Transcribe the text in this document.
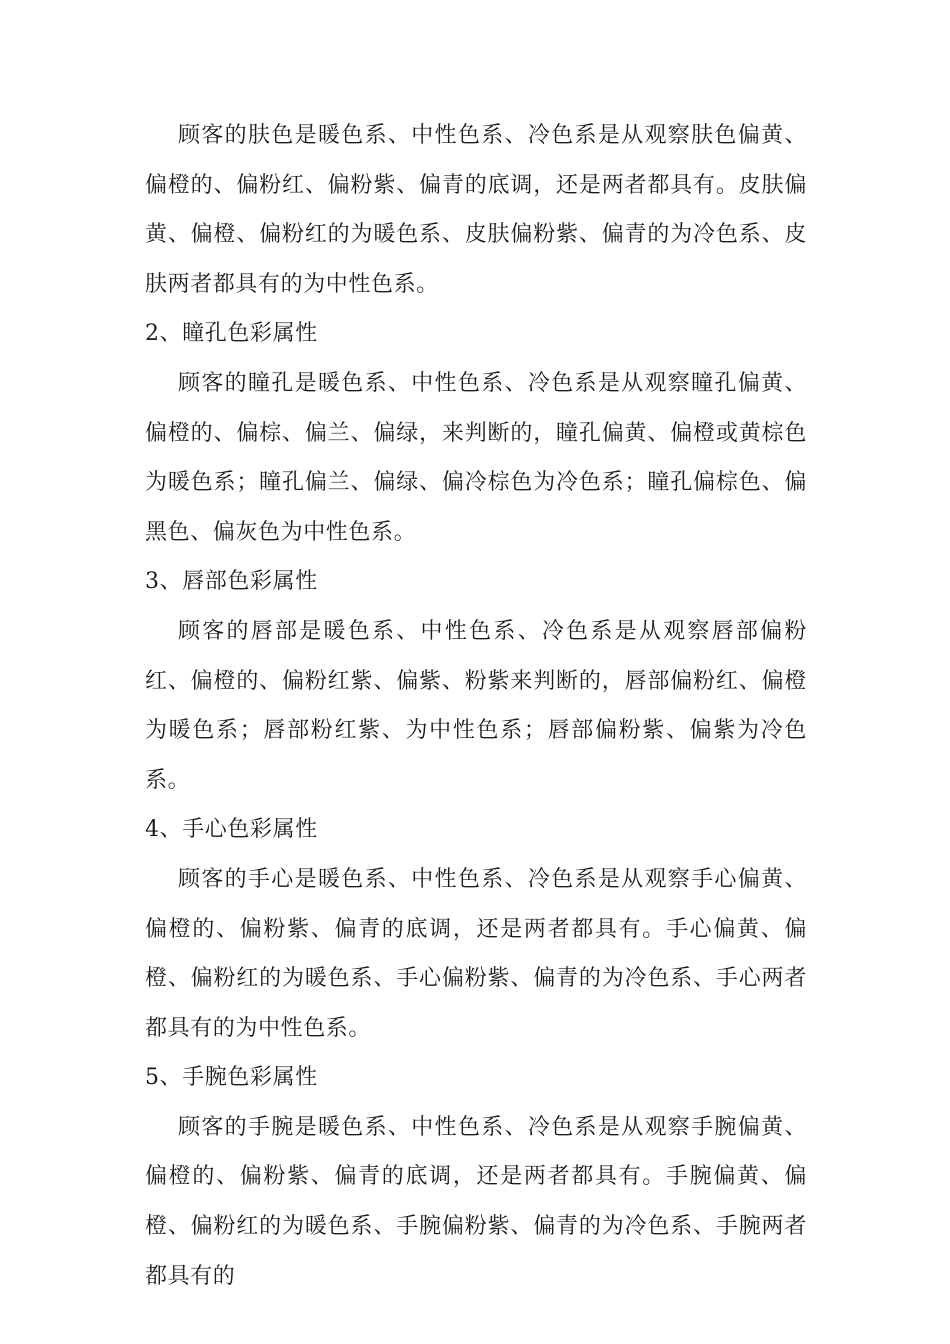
顾客的肤色是暖色系、中性色系、冷色系是从观察肤色偏黄、偏橙的、偏粉红、偏粉紫、偏青的底调，还是两者都具有。皮肤偏黄、偏橙、偏粉红的为暖色系、皮肤偏粉紫、偏青的为冷色系、皮肤两者都具有的为中性色系。

2、瞳孔色彩属性

顾客的瞳孔是暖色系、中性色系、冷色系是从观察瞳孔偏黄、偏橙的、偏棕、偏兰、偏绿，来判断的，瞳孔偏黄、偏橙或黄棕色为暖色系；瞳孔偏兰、偏绿、偏冷棕色为冷色系；瞳孔偏棕色、偏黑色、偏灰色为中性色系。

3、唇部色彩属性

顾客的唇部是暖色系、中性色系、冷色系是从观察唇部偏粉红、偏橙的、偏粉红紫、偏紫、粉紫来判断的，唇部偏粉红、偏橙为暖色系；唇部粉红紫、为中性色系；唇部偏粉紫、偏紫为冷色系。

4、手心色彩属性

顾客的手心是暖色系、中性色系、冷色系是从观察手心偏黄、偏橙的、偏粉紫、偏青的底调，还是两者都具有。手心偏黄、偏橙、偏粉红的为暖色系、手心偏粉紫、偏青的为冷色系、手心两者都具有的为中性色系。

5、手腕色彩属性

顾客的手腕是暖色系、中性色系、冷色系是从观察手腕偏黄、偏橙的、偏粉紫、偏青的底调，还是两者都具有。手腕偏黄、偏橙、偏粉红的为暖色系、手腕偏粉紫、偏青的为冷色系、手腕两者都具有的
